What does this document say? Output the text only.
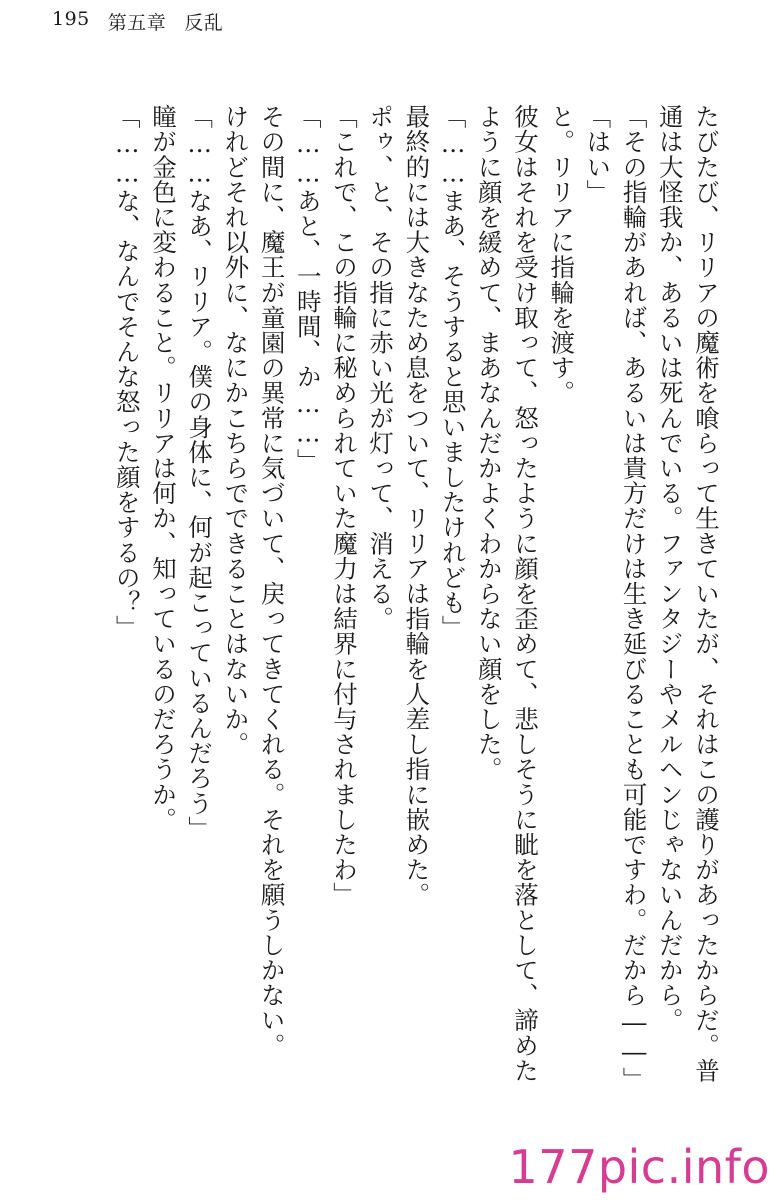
195 第五章 反乱
たびたび、リリアの魔術を喰らって生きていたが、それはこの護りがあったからだ。普
通は大怪我か、あるいは死んでいる。ファンタジーやメルヘンじゃないんだから。
「その指輪があれば、あるいは貴方だけは生き延びることも可能ですわ。だから――」
「はい」
と。リリアに指輪を渡す。
彼女はそれを受け取って、怒ったように顔を歪めて、悲しそうに眦を落として、諦めた
ように顔を緩めて、まあなんだかよくわからない顔をした。
「……まあ、そうすると思いましたけれども」
最終的には大きなため息をついて、リリアは指輪を人差し指に嵌めた。
ポゥ、と、その指に赤い光が灯って、消える。
「これで、この指輪に秘められていた魔力は結界に付与されましたわ」
「……あと、一時間、か……」
その間に、魔王が童園の異常に気づいて、戻ってきてくれる。それを願うしかない。
けれどそれ以外に、なにかこちらでできることはないか。
「……なあ、リリア。僕の身体に、何が起こっているんだろう」
瞳が金色に変わること。リリアは何か、知っているのだろうか。
「……な、なんでそんな怒った顔をするの？」
177pic.info
